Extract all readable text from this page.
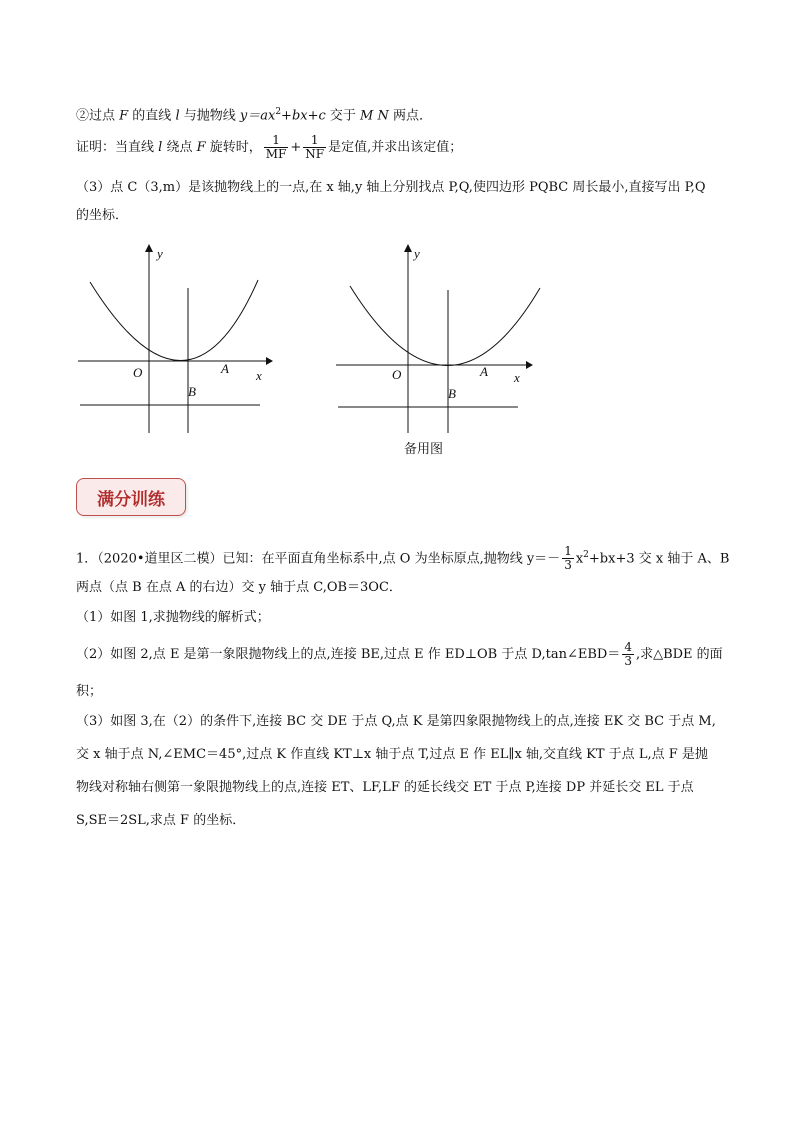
②过点 F 的直线 l 与抛物线 $y=ax^2+bx+c$ 交于 M N 两点．
证明：当直线 l 绕点 F 旋转时， $\frac{1}{MF} + \frac{1}{NF}$ 是定值,并求出该定值；
（3）点 C（3,m）是该抛物线上的一点,在 x 轴,y 轴上分别找点 P,Q,使四边形 PQBC 周长最小,直接写出 P,Q
的坐标．
y
x
O	A
B
y
x
O	A
B
备用图
满分训练
1．（2020•道里区二模）已知：在平面直角坐标系中,点 O 为坐标原点,抛物线 $y=- \frac{1}{3} x^2+bx+3$ 交 x 轴于 A、B
两点（点 B 在点 A 的右边）交 y 轴于点 C,OB＝3OC．
（1）如图 1,求抛物线的解析式；
（2）如图 2,点 E 是第一象限抛物线上的点,连接 BE,过点 E 作 ED⊥OB 于点 D,tan∠EBD＝ $\frac{4}{3}$ ,求△BDE 的面
积；
（3）如图 3,在（2）的条件下,连接 BC 交 DE 于点 Q,点 K 是第四象限抛物线上的点,连接 EK 交 BC 于点 M,
交 x 轴于点 N,∠EMC＝45°,过点 K 作直线 KT⊥x 轴于点 T,过点 E 作 EL∥x 轴,交直线 KT 于点 L,点 F 是抛
物线对称轴右侧第一象限抛物线上的点,连接 ET、LF,LF 的延长线交 ET 于点 P,连接 DP 并延长交 EL 于点
S,SE＝2SL,求点 F 的坐标．
